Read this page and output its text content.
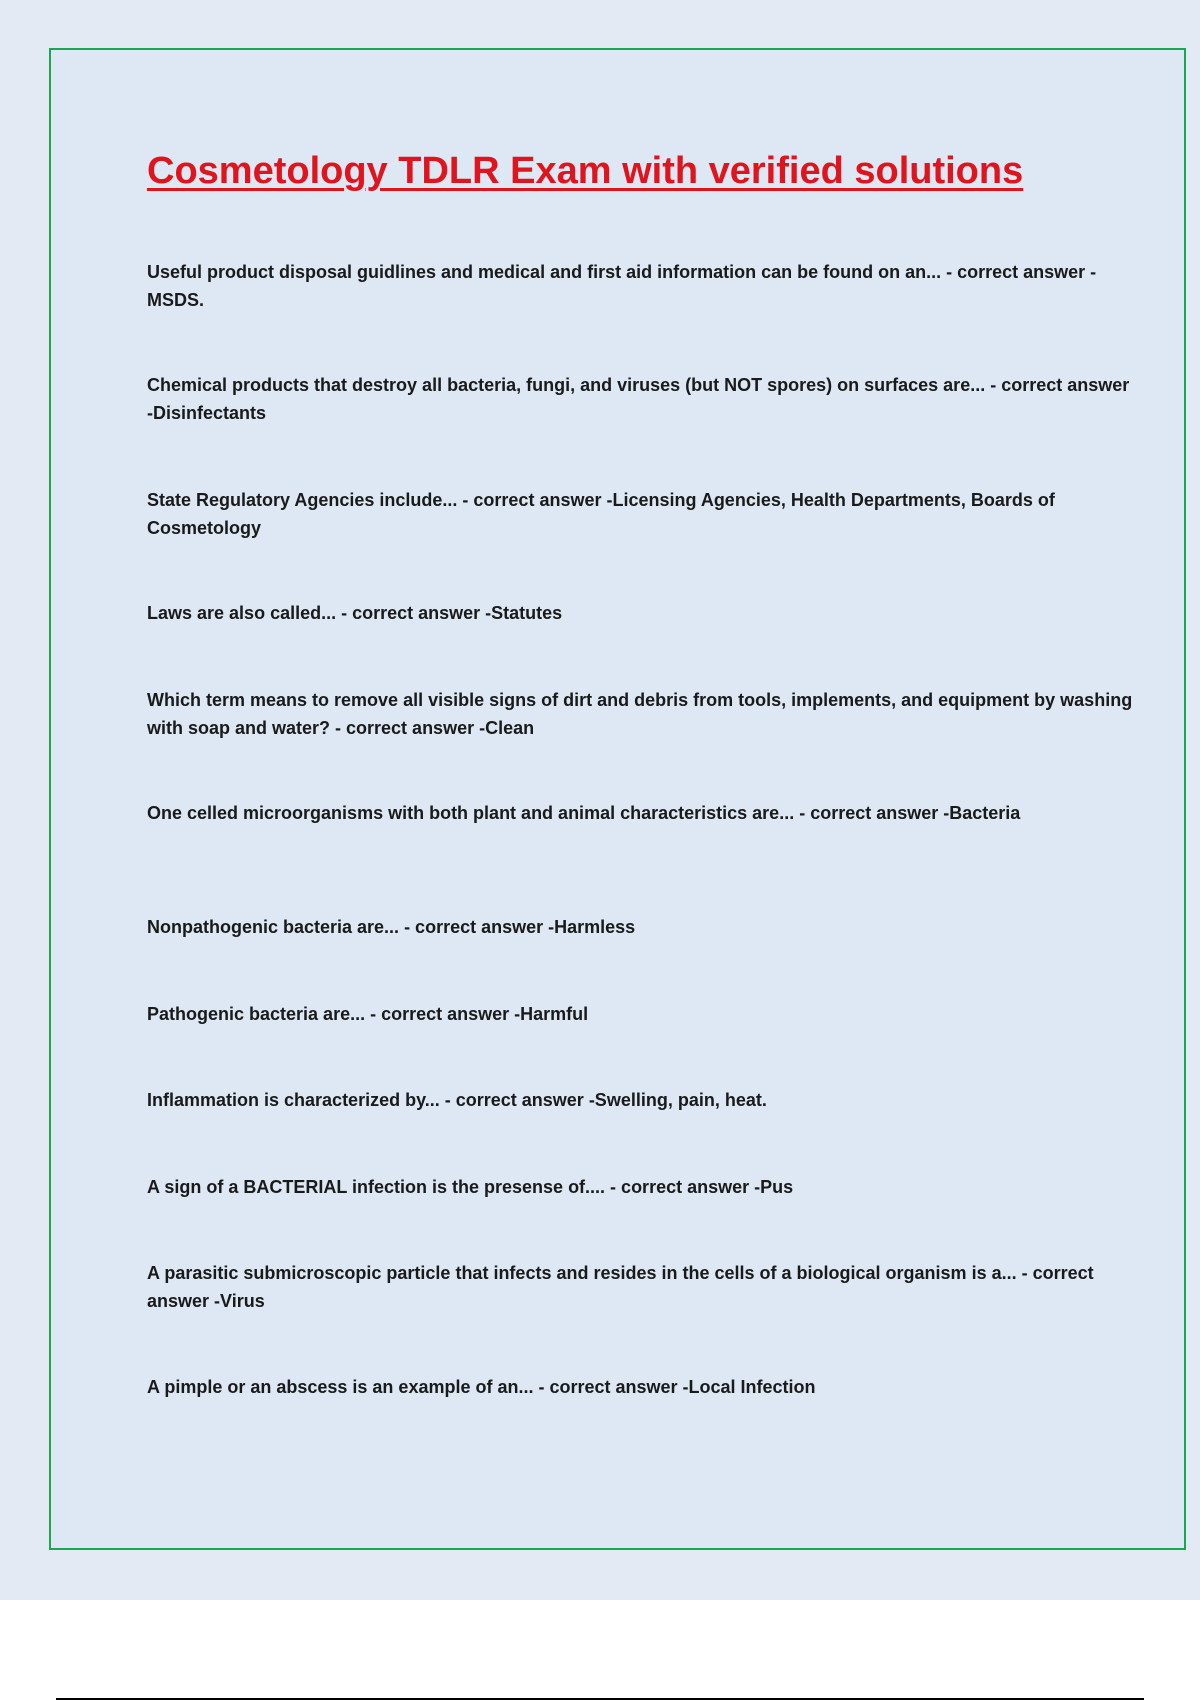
Cosmetology TDLR Exam with verified solutions

Useful product disposal guidlines and medical and first aid information can be found on an... - correct answer -MSDS.

Chemical products that destroy all bacteria, fungi, and viruses (but NOT spores) on surfaces are... - correct answer -Disinfectants

State Regulatory Agencies include... - correct answer -Licensing Agencies, Health Departments, Boards of Cosmetology

Laws are also called... - correct answer -Statutes

Which term means to remove all visible signs of dirt and debris from tools, implements, and equipment by washing with soap and water? - correct answer -Clean

One celled microorganisms with both plant and animal characteristics are... - correct answer -Bacteria

Nonpathogenic bacteria are... - correct answer -Harmless

Pathogenic bacteria are... - correct answer -Harmful

Inflammation is characterized by... - correct answer -Swelling, pain, heat.

A sign of a BACTERIAL infection is the presense of.... - correct answer -Pus

A parasitic submicroscopic particle that infects and resides in the cells of a biological organism is a... - correct answer -Virus

A pimple or an abscess is an example of an... - correct answer -Local Infection
